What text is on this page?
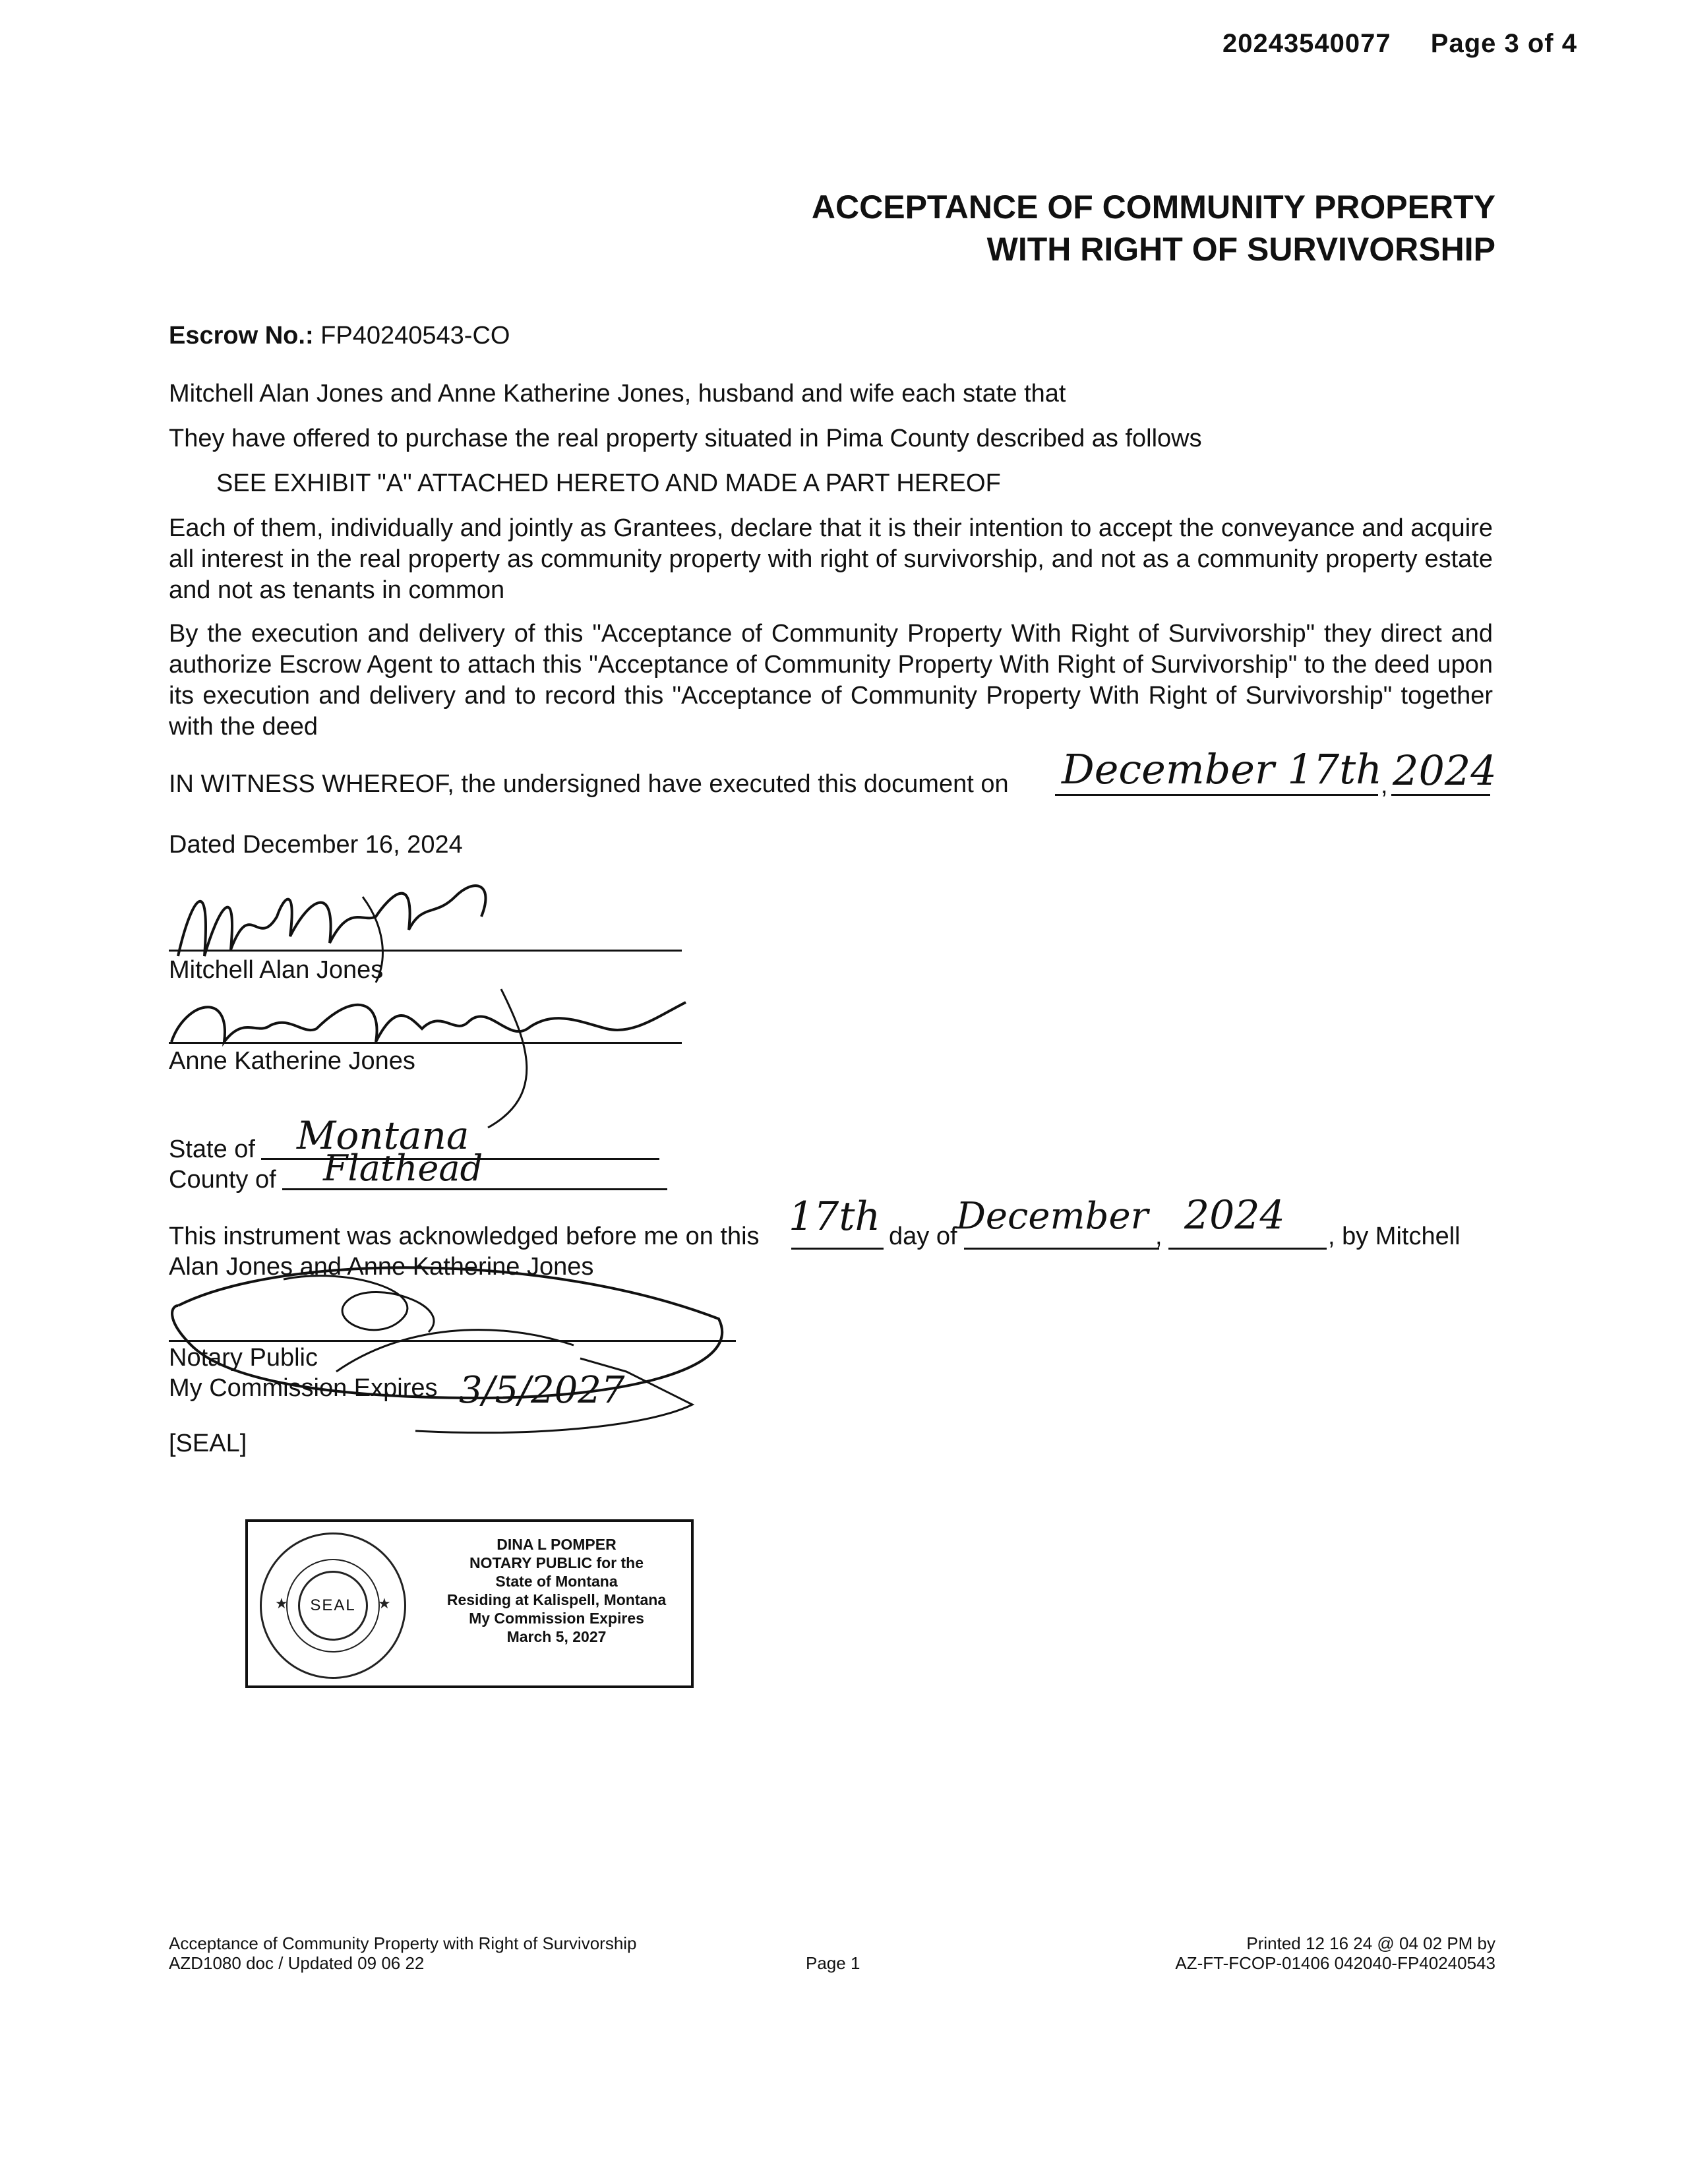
20243540077 Page 3 of 4
ACCEPTANCE OF COMMUNITY PROPERTY
WITH RIGHT OF SURVIVORSHIP
Escrow No.: FP40240543-CO
Mitchell Alan Jones and Anne Katherine Jones, husband and wife each state that
They have offered to purchase the real property situated in Pima County described as follows
SEE EXHIBIT "A" ATTACHED HERETO AND MADE A PART HEREOF
Each of them, individually and jointly as Grantees, declare that it is their intention to accept the conveyance and acquire all interest in the real property as community property with right of survivorship, and not as a community property estate and not as tenants in common
By the execution and delivery of this "Acceptance of Community Property With Right of Survivorship" they direct and authorize Escrow Agent to attach this "Acceptance of Community Property With Right of Survivorship" to the deed upon its execution and delivery and to record this "Acceptance of Community Property With Right of Survivorship" together with the deed
IN WITNESS WHEREOF, the undersigned have executed this document on December 17th
, 2024
Dated December 16, 2024
Mitchell Alan Jones
Anne Katherine Jones
State of Montana
County of Flathead
This instrument was acknowledged before me on this 17th day of
December , 2024 , by Mitchell
Alan Jones and Anne Katherine Jones
Notary Public
My Commission Expires 3/5/2027
[SEAL]
★	★
SEAL
DINA L POMPER
NOTARY PUBLIC for the
State of Montana
Residing at Kalispell, Montana
My Commission Expires
March 5, 2027
Acceptance of Community Property with Right of Survivorship
AZD1080 doc / Updated 09 06 22	Page 1
Printed 12 16 24 @ 04 02 PM by
AZ-FT-FCOP-01406 042040-FP40240543
